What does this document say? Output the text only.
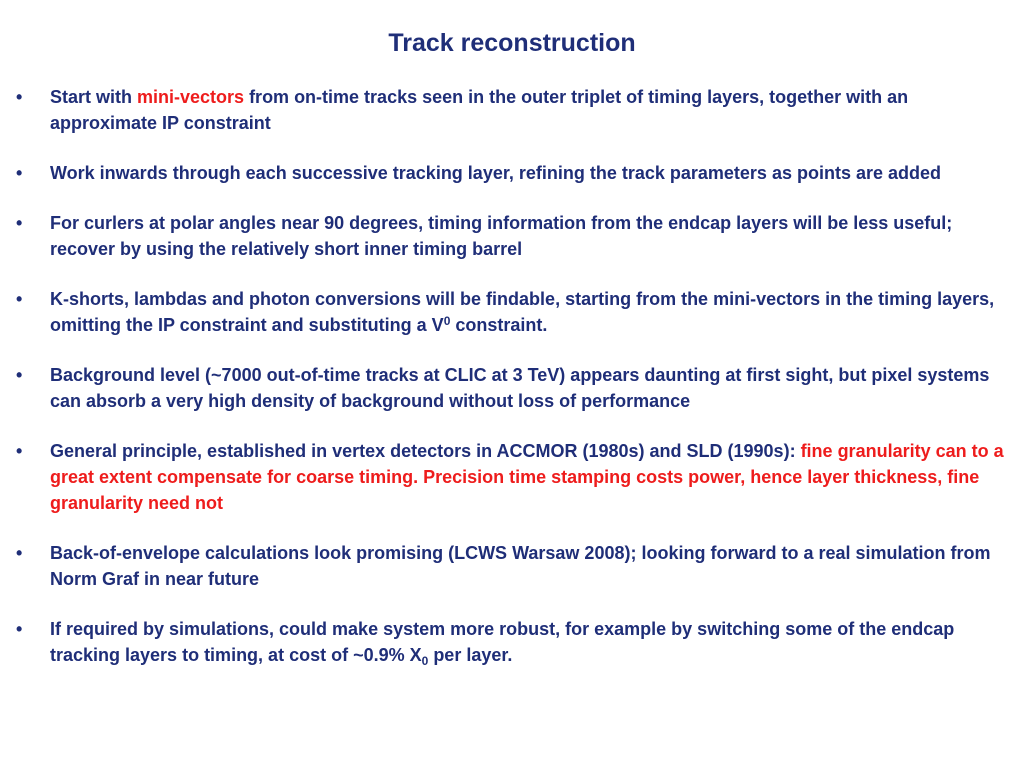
Track reconstruction
•	Start with mini-vectors from on-time tracks seen in the outer triplet of timing layers, together with an approximate IP constraint
•	Work inwards through each successive tracking layer, refining the track parameters as points are added
•	For curlers at polar angles near 90 degrees, timing information from the endcap layers will be less useful; recover by using the relatively short inner timing barrel
•	K-shorts, lambdas and photon conversions will be findable, starting from the mini-vectors in the timing layers, omitting the IP constraint and substituting a $V^0$ constraint.
•	Background level (~7000 out-of-time tracks at CLIC at 3 TeV) appears daunting at first sight, but pixel systems can absorb a very high density of background without loss of performance
•	General principle, established in vertex detectors in ACCMOR (1980s) and SLD (1990s): fine granularity can to a great extent compensate for coarse timing. Precision time stamping costs power, hence layer thickness, fine granularity need not
•	Back-of-envelope calculations look promising (LCWS Warsaw 2008); looking forward to a real simulation from Norm Graf in near future
•	If required by simulations, could make system more robust, for example by switching some of the endcap tracking layers to timing, at cost of ~0.9% $X_0$ per layer.
